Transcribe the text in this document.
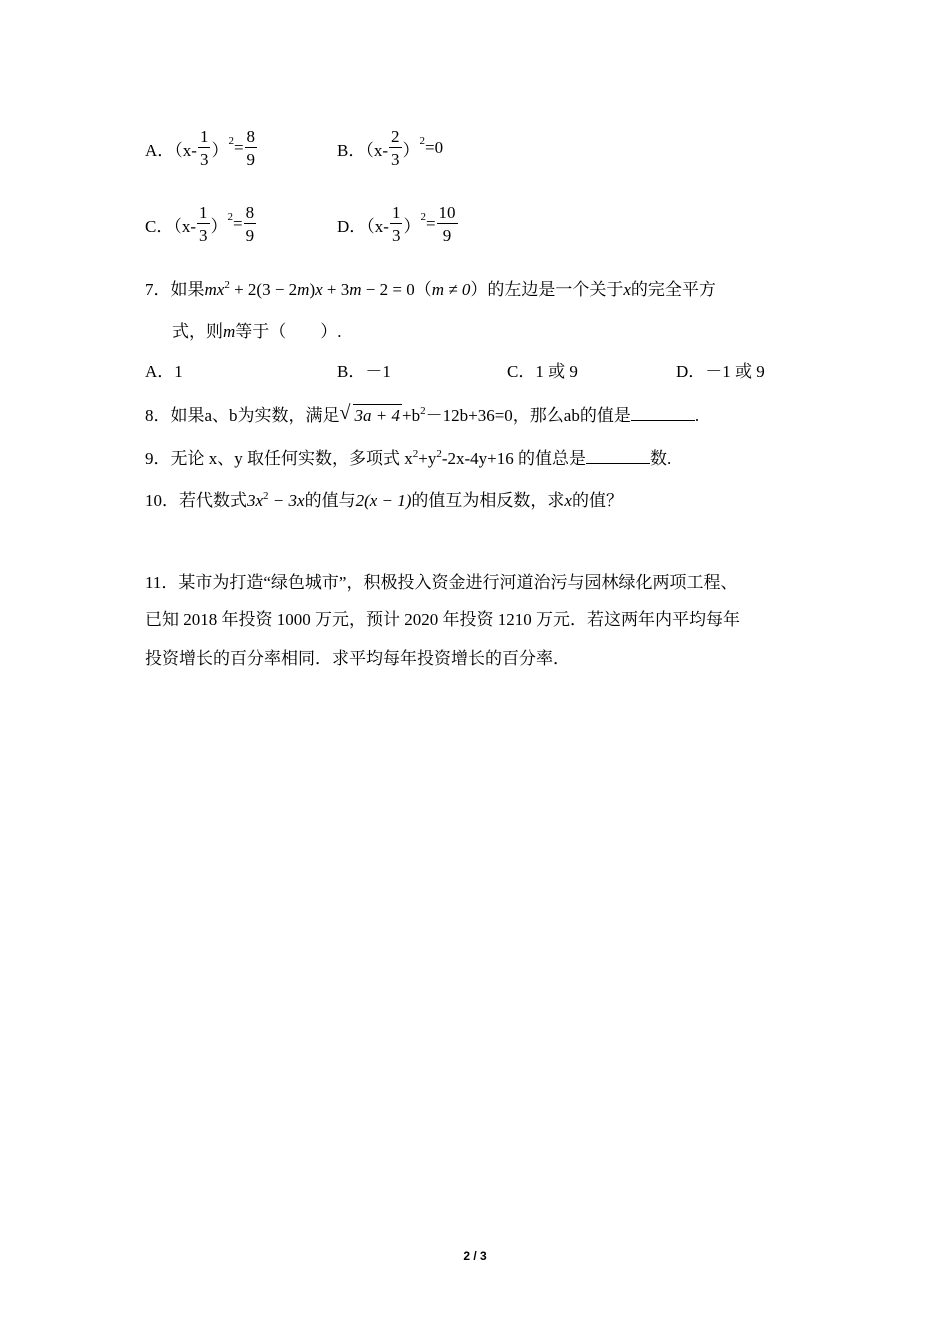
A．（$x- \frac{1}{3}$ ） $2 = \frac{8}{9}$	B．（$x- \frac{2}{3}$ ） 2 =0
C．（$x- \frac{1}{3}$ ） $2 = \frac{8}{9}$	D．（$x- \frac{1}{3}$ ） $2 = \frac{10}{9}$
7．如果$mx^2 + 2(3 - 2m)x + 3m - 2 = 0(m \ne 0)$的左边是一个关于x的完全平方
式，则m等于（　　）.
A．1	B．－1	C．1 或 9	D．－1 或 9
8．如果a、b为实数，满足 √ $3a + 4 +b^2-12b+36=0$，那么ab的值是	.
9．无论 x、y 取任何实数，多项式 $x^2+y^2-2x-4y+16$ 的值总是	数.
10．若代数式$3x^2 - 3x$的值与2(x − 1)的值互为相反数，求x的值？
11．某市为打造“绿色城市”，积极投入资金进行河道治污与园林绿化两项工程、
已知 2018 年投资 1000 万元，预计 2020 年投资 1210 万元．若这两年内平均每年
投资增长的百分率相同．求平均每年投资增长的百分率．
2 / 3
